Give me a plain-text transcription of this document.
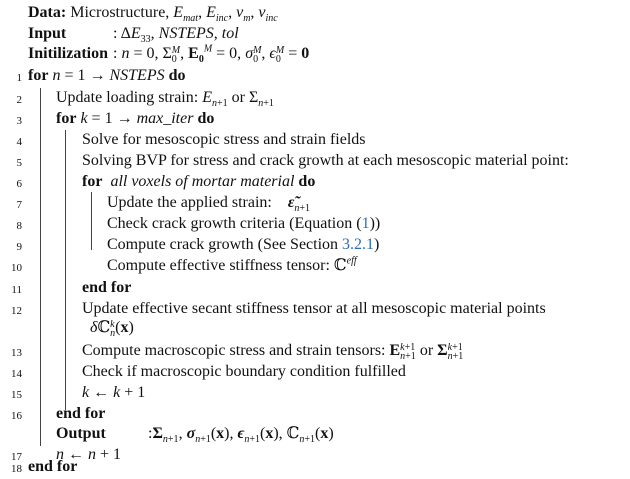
Data: Microstructure, $E_{mat}$, $E_{inc}$, $\nu_m$, $\nu_{inc}$
Input	: $\Delta E_{33}$, NSTEPS, tol
Initilization : n = 0, Σ M
0 , $E_0^M = 0$, σ M
0 , ϵ M
0 = 0
1 for n = 1 → NSTEPS do
2 Update loading strain: $E_{n+1}$ or $\Sigma_{n+1}$
3 for k = 1 → max_iter do
4	Solve for mesoscopic stress and strain fields
5	Solving BVP for stress and crack growth at each mesoscopic material point:
6	for all voxels of mortar material do
7	Update the applied strain: $\varepsiloñ_{n+1}$
8	Check crack growth criteria (Equation (1))
9	Compute crack growth (See Section 3.2.1)
10	Compute effective stiffness tensor: ℂ$^{eff}$
11	end for
12	Update effective secant stiffness tensor at all mesoscopic material points
δℂ k
n (x)
13	Compute macroscopic stress and strain tensors: E k+1
n+1 or Σ k+1
n+1
14	Check if macroscopic boundary condition fulfilled
15	k ← k + 1
16 end for
Output	$:\Sigma_{n+1}$, $\sigma_{n+1}(x)$, $\epsilon_{n+1}(x)$, ℂ$_{n+1}$(x)
17 n ← n + 1
18 end for
